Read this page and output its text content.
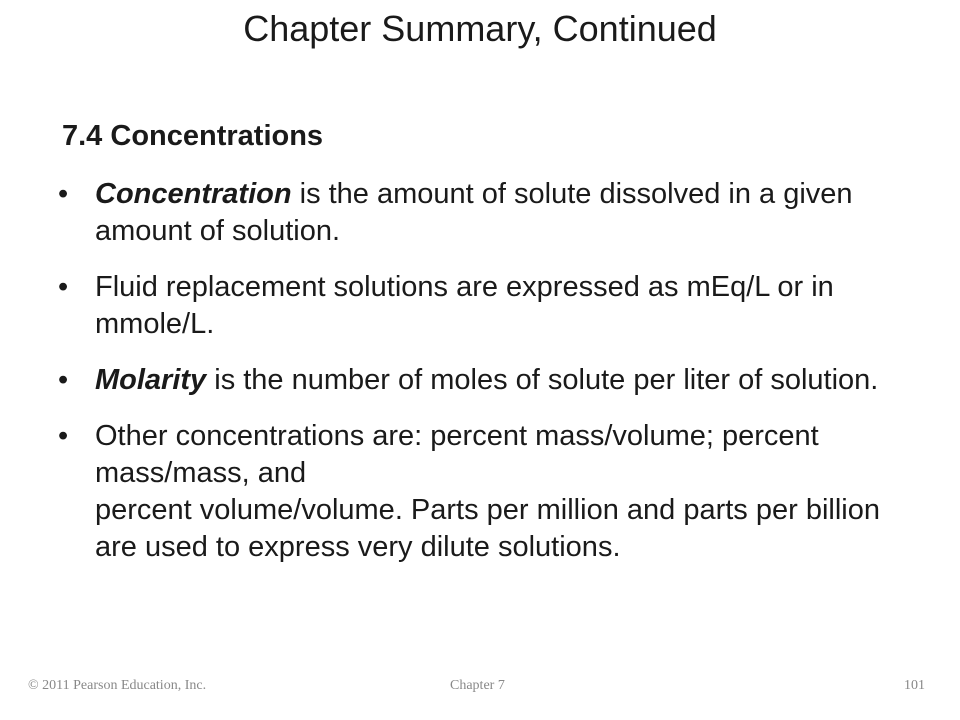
Chapter Summary, Continued
7.4 Concentrations
• Concentration is the amount of solute dissolved in a given amount of solution.
• Fluid replacement solutions are expressed as mEq/L or in mmole/L.
• Molarity is the number of moles of solute per liter of solution.
• Other concentrations are: percent mass/volume; percent mass/mass, and
percent volume/volume. Parts per million and parts per billion are used to express very dilute solutions.
© 2011 Pearson Education, Inc.	Chapter 7	101
